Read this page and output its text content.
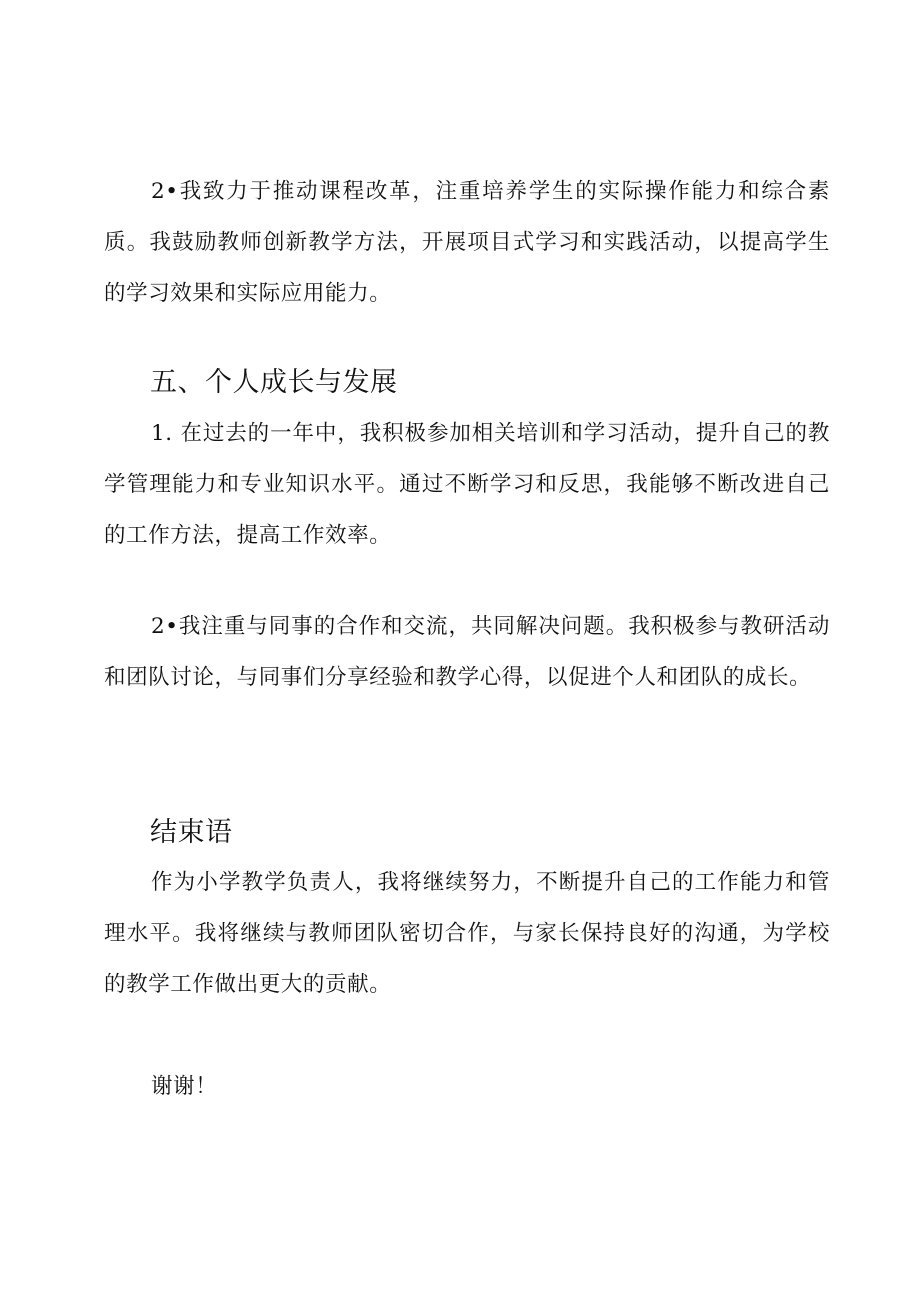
2•我致力于推动课程改革，注重培养学生的实际操作能力和综合素质。我鼓励教师创新教学方法，开展项目式学习和实践活动，以提高学生的学习效果和实际应用能力。

五、个人成长与发展

1. 在过去的一年中，我积极参加相关培训和学习活动，提升自己的教学管理能力和专业知识水平。通过不断学习和反思，我能够不断改进自己的工作方法，提高工作效率。

2•我注重与同事的合作和交流，共同解决问题。我积极参与教研活动和团队讨论，与同事们分享经验和教学心得，以促进个人和团队的成长。

结束语

作为小学教学负责人，我将继续努力，不断提升自己的工作能力和管理水平。我将继续与教师团队密切合作，与家长保持良好的沟通，为学校的教学工作做出更大的贡献。

谢谢！
